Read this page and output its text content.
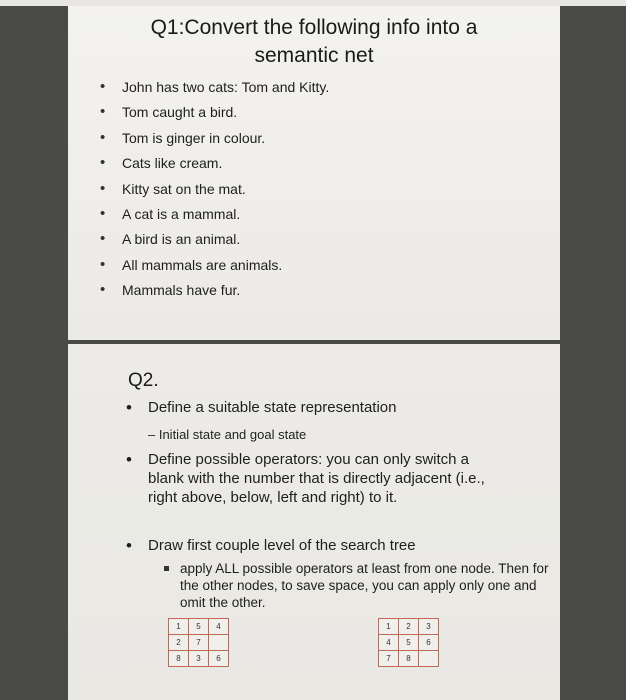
Q1:Convert the following info into a
semantic net
• John has two cats: Tom and Kitty.
• Tom caught a bird.
• Tom is ginger in colour.
• Cats like cream.
• Kitty sat on the mat.
• A cat is a mammal.
• A bird is an animal.
• All mammals are animals.
• Mammals have fur.
Q2.
•	Define a suitable state representation
– Initial state and goal state
•	Define possible operators: you can only switch a blank with the number that is directly adjacent (i.e., right above, below, left and right) to it.
•	Draw first couple level of the search tree
apply ALL possible operators at least from one node. Then for the other nodes, to save space, you can apply only one and omit the other.
1	5	4
2	7	
8	3	6
1	2	3
4	5	6
7	8	
